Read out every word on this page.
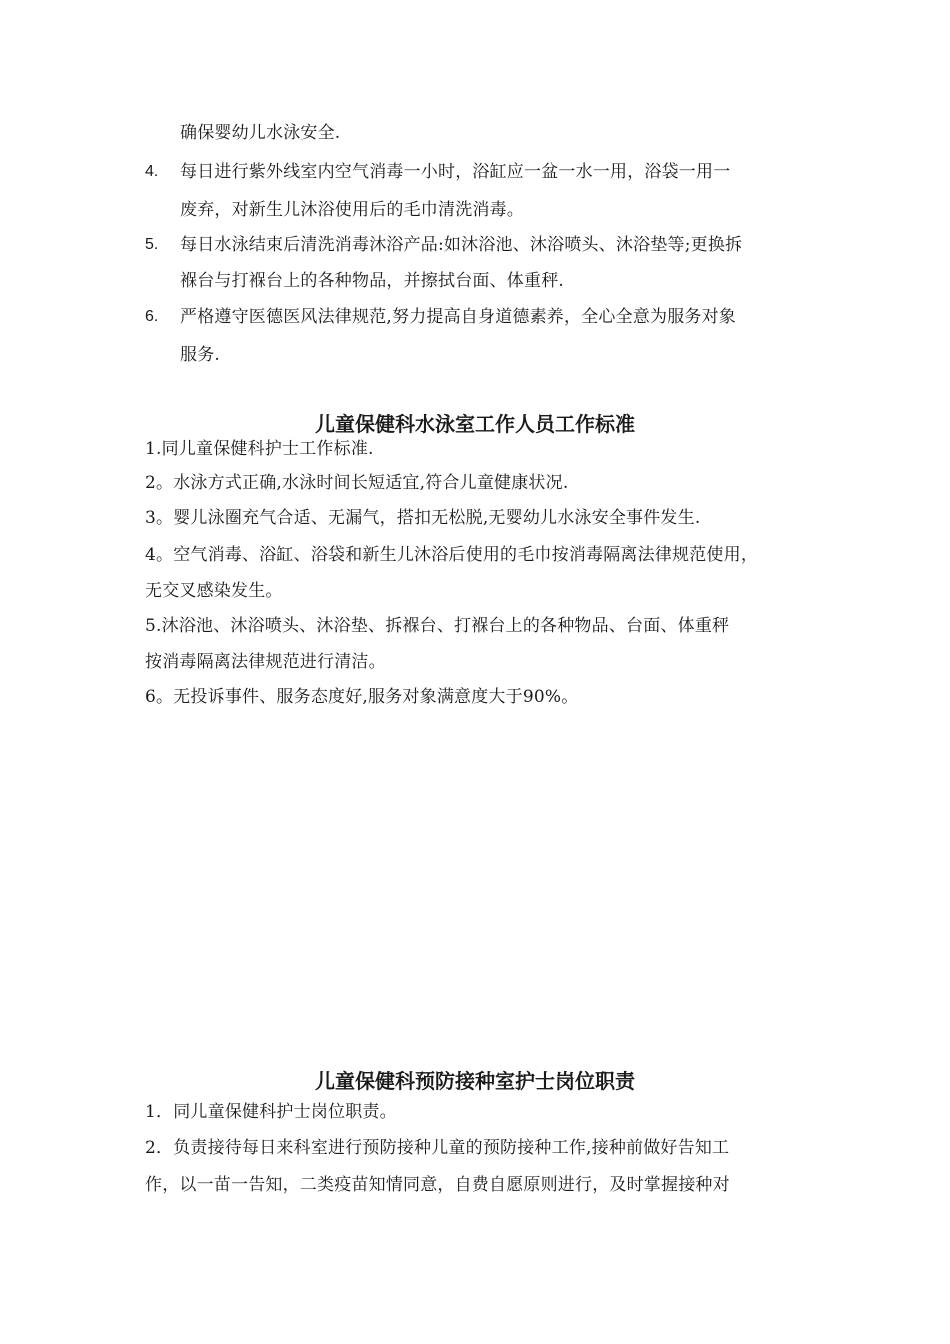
确保婴幼儿水泳安全.
4. 每日进行紫外线室内空气消毒一小时，浴缸应一盆一水一用，浴袋一用一
废弃，对新生儿沐浴使用后的毛巾清洗消毒。
5. 每日水泳结束后清洗消毒沐浴产品:如沐浴池、沐浴喷头、沐浴垫等;更换拆
褓台与打褓台上的各种物品，并擦拭台面、体重秤.
6. 严格遵守医德医风法律规范,努力提高自身道德素养，全心全意为服务对象
服务.
儿童保健科水泳室工作人员工作标准
1.同儿童保健科护士工作标准.
2。水泳方式正确,水泳时间长短适宜,符合儿童健康状况.
3。婴儿泳圈充气合适、无漏气，搭扣无松脱,无婴幼儿水泳安全事件发生.
4。空气消毒、浴缸、浴袋和新生儿沐浴后使用的毛巾按消毒隔离法律规范使用，
无交叉感染发生。
5.沐浴池、沐浴喷头、沐浴垫、拆褓台、打褓台上的各种物品、台面、体重秤
按消毒隔离法律规范进行清洁。
6。无投诉事件、服务态度好,服务对象满意度大于90%。
儿童保健科预防接种室护士岗位职责
1．同儿童保健科护士岗位职责。
2．负责接待每日来科室进行预防接种儿童的预防接种工作,接种前做好告知工
作，以一苗一告知，二类疫苗知情同意，自费自愿原则进行，及时掌握接种对
